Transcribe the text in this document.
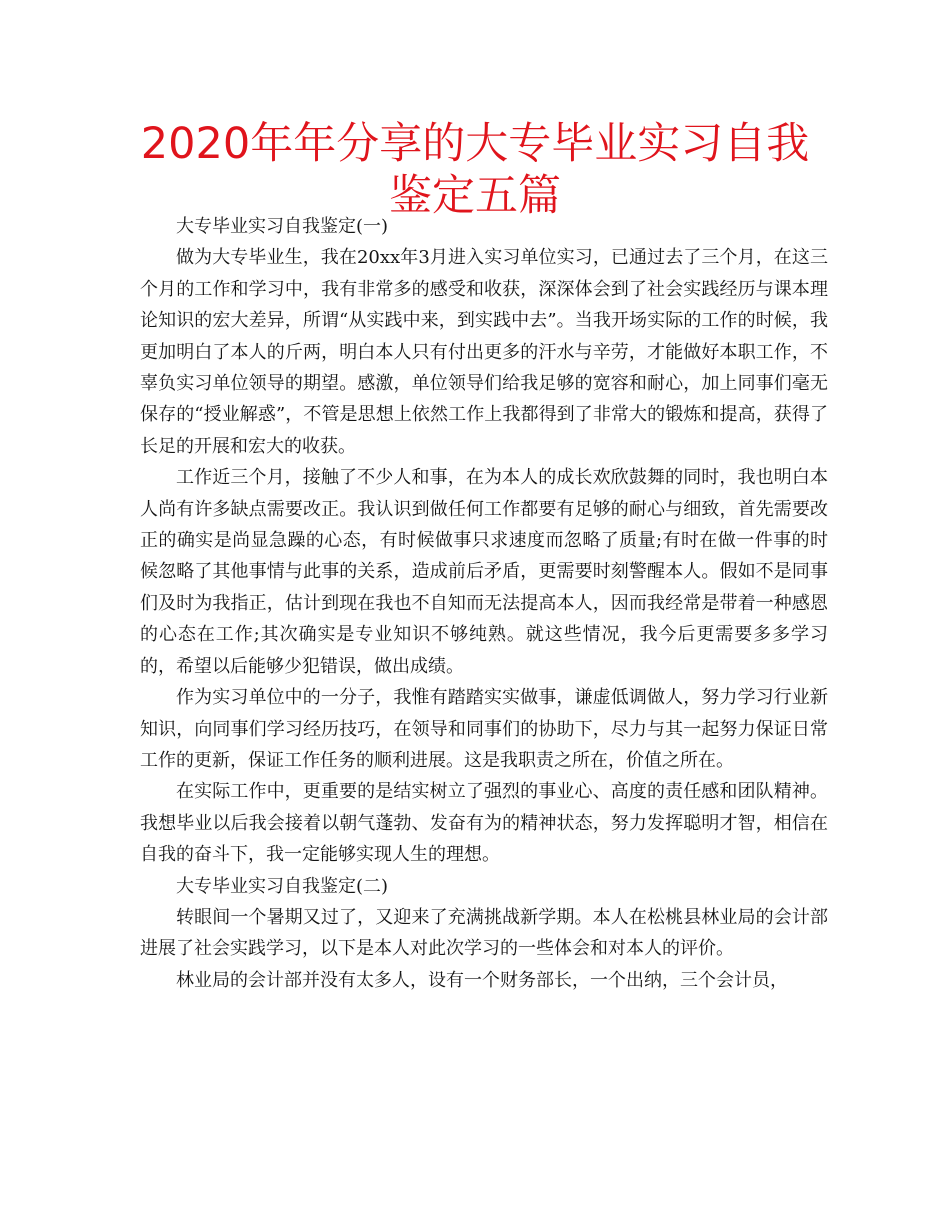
2020年年分享的大专毕业实习自我鉴定五篇

大专毕业实习自我鉴定(一)

做为大专毕业生，我在20xx年3月进入实习单位实习，已通过去了三个月，在这三个月的工作和学习中，我有非常多的感受和收获，深深体会到了社会实践经历与课本理论知识的宏大差异，所谓“从实践中来，到实践中去”。当我开场实际的工作的时候，我更加明白了本人的斤两，明白本人只有付出更多的汗水与辛劳，才能做好本职工作，不辜负实习单位领导的期望。感激，单位领导们给我足够的宽容和耐心，加上同事们毫无保存的“授业解惑”，不管是思想上依然工作上我都得到了非常大的锻炼和提高，获得了长足的开展和宏大的收获。

工作近三个月，接触了不少人和事，在为本人的成长欢欣鼓舞的同时，我也明白本人尚有许多缺点需要改正。我认识到做任何工作都要有足够的耐心与细致，首先需要改正的确实是尚显急躁的心态，有时候做事只求速度而忽略了质量;有时在做一件事的时候忽略了其他事情与此事的关系，造成前后矛盾，更需要时刻警醒本人。假如不是同事们及时为我指正，估计到现在我也不自知而无法提高本人，因而我经常是带着一种感恩的心态在工作;其次确实是专业知识不够纯熟。就这些情况，我今后更需要多多学习的，希望以后能够少犯错误，做出成绩。

作为实习单位中的一分子，我惟有踏踏实实做事，谦虚低调做人，努力学习行业新知识，向同事们学习经历技巧，在领导和同事们的协助下，尽力与其一起努力保证日常工作的更新，保证工作任务的顺利进展。这是我职责之所在，价值之所在。

在实际工作中，更重要的是结实树立了强烈的事业心、高度的责任感和团队精神。我想毕业以后我会接着以朝气蓬勃、发奋有为的精神状态，努力发挥聪明才智，相信在自我的奋斗下，我一定能够实现人生的理想。

大专毕业实习自我鉴定(二)

转眼间一个暑期又过了，又迎来了充满挑战新学期。本人在松桃县林业局的会计部进展了社会实践学习，以下是本人对此次学习的一些体会和对本人的评价。

林业局的会计部并没有太多人，设有一个财务部长，一个出纳，三个会计员，
